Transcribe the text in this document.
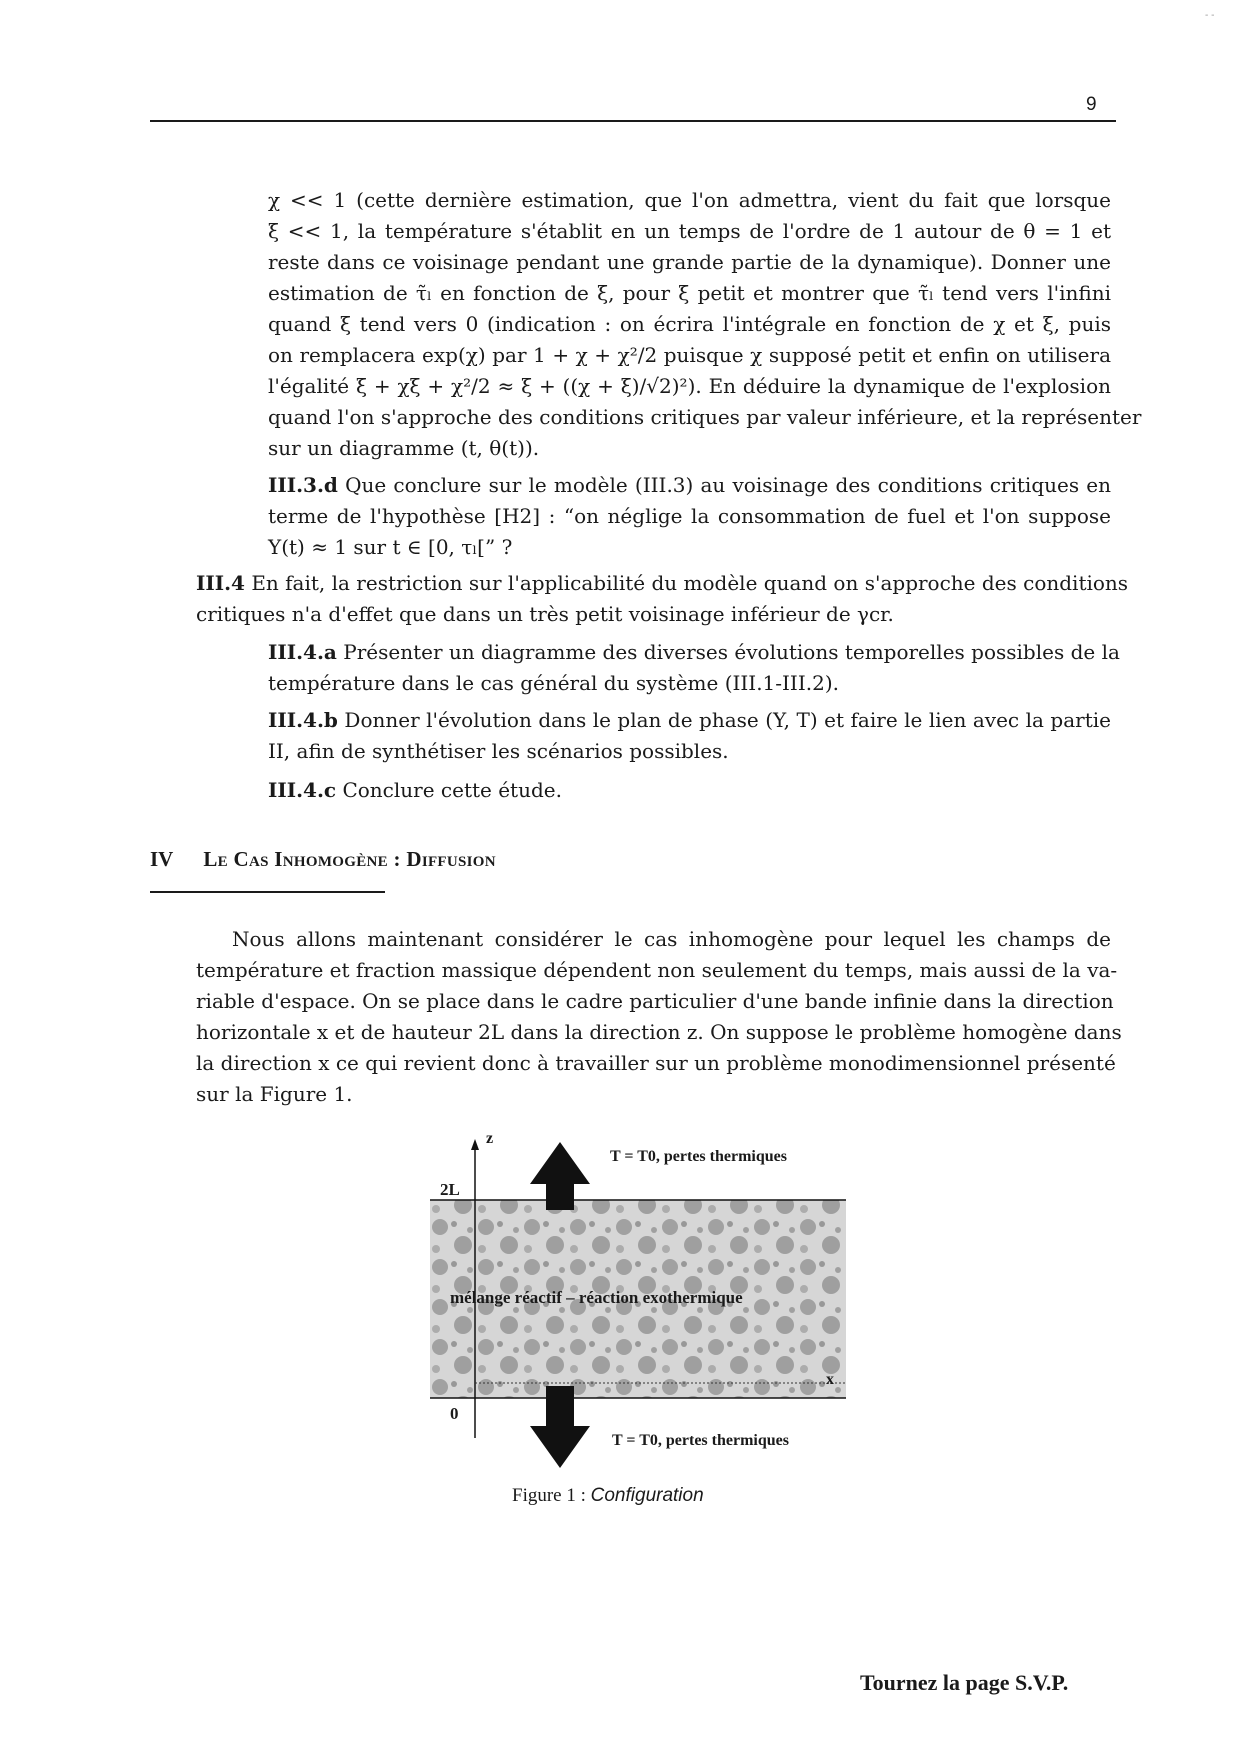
- -
9
χ << 1 (cette dernière estimation, que l'on admettra, vient du fait que lorsque
ξ << 1, la température s'établit en un temps de l'ordre de 1 autour de θ = 1 et
reste dans ce voisinage pendant une grande partie de la dynamique). Donner une
estimation de τ̃ₗ en fonction de ξ, pour ξ petit et montrer que τ̃ₗ tend vers l'infini
quand ξ tend vers 0 (indication : on écrira l'intégrale en fonction de χ et ξ, puis
on remplacera exp(χ) par 1 + χ + χ²/2 puisque χ supposé petit et enfin on utilisera
l'égalité ξ + χξ + χ²/2 ≈ ξ + ((χ + ξ)/√2)²). En déduire la dynamique de l'explosion
quand l'on s'approche des conditions critiques par valeur inférieure, et la représenter
sur un diagramme (t, θ(t)).
III.3.d Que conclure sur le modèle (III.3) au voisinage des conditions critiques en
terme de l'hypothèse [H2] : “on néglige la consommation de fuel et l'on suppose
Y(t) ≈ 1 sur t ∈ [0, τₗ[” ?
III.4 En fait, la restriction sur l'applicabilité du modèle quand on s'approche des conditions
critiques n'a d'effet que dans un très petit voisinage inférieur de γcr.
III.4.a Présenter un diagramme des diverses évolutions temporelles possibles de la
température dans le cas général du système (III.1-III.2).
III.4.b Donner l'évolution dans le plan de phase (Y, T) et faire le lien avec la partie
II, afin de synthétiser les scénarios possibles.
III.4.c Conclure cette étude.
IV Le Cas Inhomogène : Diffusion
Nous allons maintenant considérer le cas inhomogène pour lequel les champs de
température et fraction massique dépendent non seulement du temps, mais aussi de la va-
riable d'espace. On se place dans le cadre particulier d'une bande infinie dans la direction
horizontale x et de hauteur 2L dans la direction z. On suppose le problème homogène dans
la direction x ce qui revient donc à travailler sur un problème monodimensionnel présenté
sur la Figure 1.
z
x
2L
0
T = T0, pertes thermiques
T = T0, pertes thermiques
mélange réactif – réaction exothermique
Figure 1 : Configuration
Tournez la page S.V.P.
